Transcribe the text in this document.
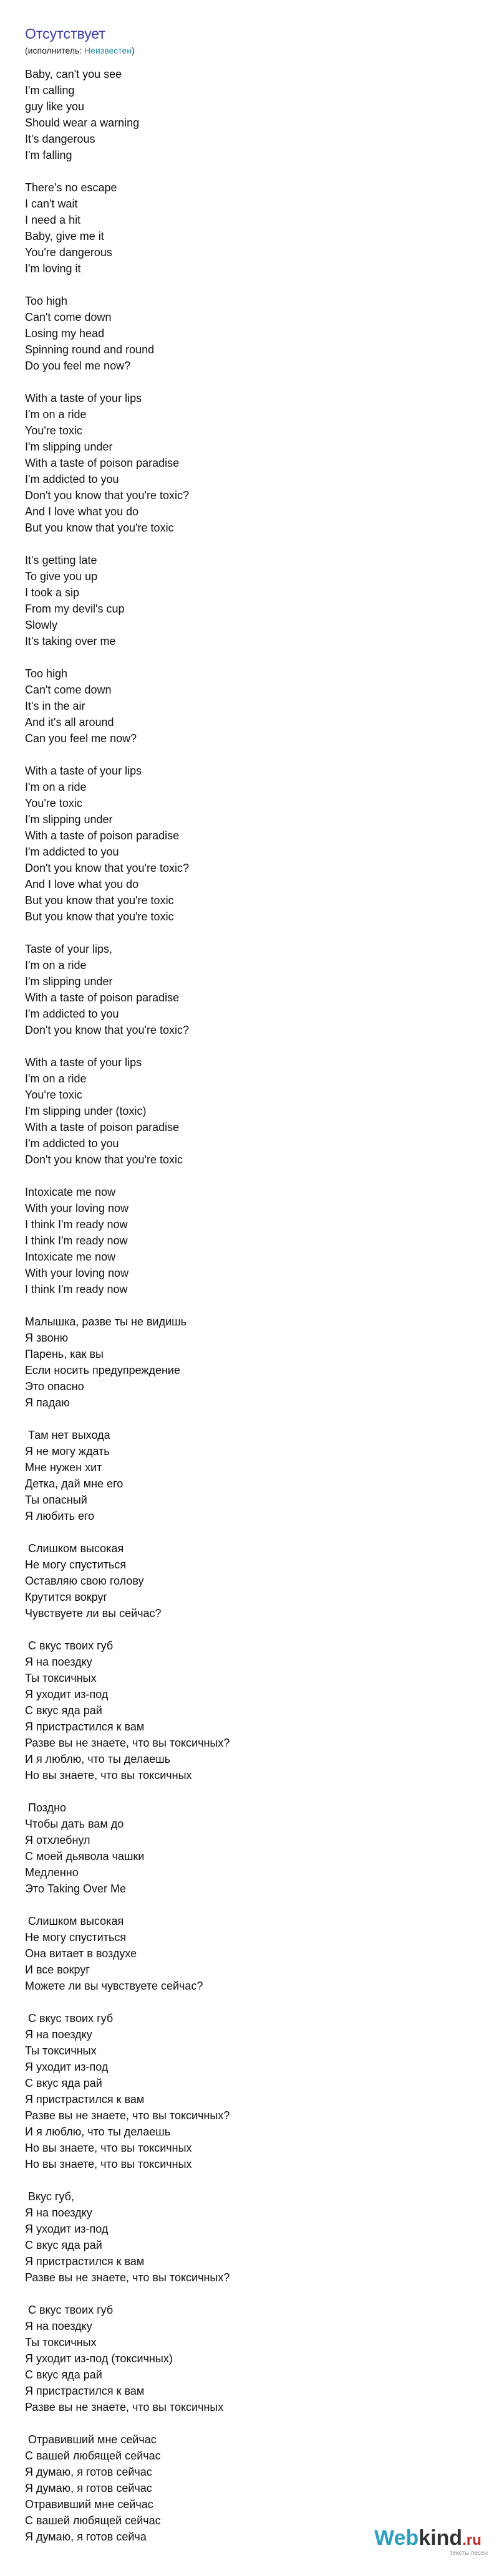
Отсутствует
(исполнитель: Неизвестен)
Baby, can't you see
I'm calling
guy like you
Should wear a warning
It's dangerous
I'm falling
There's no escape
I can't wait
I need a hit
Baby, give me it
You're dangerous
I'm loving it
Too high
Can't come down
Losing my head
Spinning round and round
Do you feel me now?
With a taste of your lips
I'm on a ride
You're toxic
I'm slipping under
With a taste of poison paradise
I'm addicted to you
Don't you know that you're toxic?
And I love what you do
But you know that you're toxic
It's getting late
To give you up
I took a sip
From my devil's cup
Slowly
It's taking over me
Too high
Can't come down
It's in the air
And it's all around
Can you feel me now?
With a taste of your lips
I'm on a ride
You're toxic
I'm slipping under
With a taste of poison paradise
I'm addicted to you
Don't you know that you're toxic?
And I love what you do
But you know that you're toxic
But you know that you're toxic
Taste of your lips,
I'm on a ride
I'm slipping under
With a taste of poison paradise
I'm addicted to you
Don't you know that you're toxic?
With a taste of your lips
I'm on a ride
You're toxic
I'm slipping under (toxic)
With a taste of poison paradise
I'm addicted to you
Don't you know that you're toxic
Intoxicate me now
With your loving now
I think I'm ready now
I think I'm ready now
Intoxicate me now
With your loving now
I think I'm ready now
Малышка, разве ты не видишь
Я звоню
Парень, как вы
Если носить предупреждение
Это опасно
Я падаю
Там нет выхода
Я не могу ждать
Мне нужен хит
Детка, дай мне его
Ты опасный
Я любить его
Слишком высокая
Не могу спуститься
Оставляю свою голову
Крутится вокруг
Чувствуете ли вы сейчас?
С вкус твоих губ
Я на поездку
Ты токсичных
Я уходит из-под
С вкус яда рай
Я пристрастился к вам
Разве вы не знаете, что вы токсичных?
И я люблю, что ты делаешь
Но вы знаете, что вы токсичных
Поздно
Чтобы дать вам до
Я отхлебнул
С моей дьявола чашки
Медленно
Это Taking Over Me
Слишком высокая
Не могу спуститься
Она витает в воздухе
И все вокруг
Можете ли вы чувствуете сейчас?
С вкус твоих губ
Я на поездку
Ты токсичных
Я уходит из-под
С вкус яда рай
Я пристрастился к вам
Разве вы не знаете, что вы токсичных?
И я люблю, что ты делаешь
Но вы знаете, что вы токсичных
Но вы знаете, что вы токсичных
Вкус губ,
Я на поездку
Я уходит из-под
С вкус яда рай
Я пристрастился к вам
Разве вы не знаете, что вы токсичных?
С вкус твоих губ
Я на поездку
Ты токсичных
Я уходит из-под (токсичных)
С вкус яда рай
Я пристрастился к вам
Разве вы не знаете, что вы токсичных
Отравивший мне сейчас
С вашей любящей сейчас
Я думаю, я готов сейчас
Я думаю, я готов сейчас
Отравивший мне сейчас
С вашей любящей сейчас
Я думаю, я готов сейча	Webkind.ru
тексты песен
